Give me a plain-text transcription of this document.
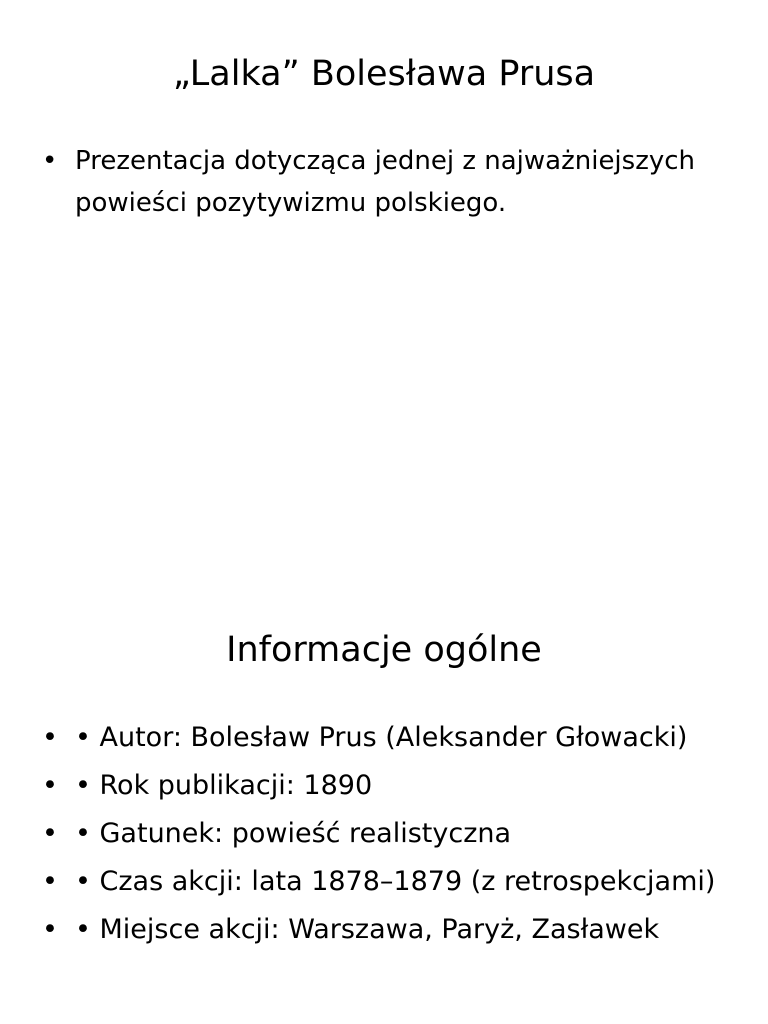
„Lalka” Bolesława Prusa
• Prezentacja dotycząca jednej z najważniejszych powieści pozytywizmu polskiego.
Informacje ogólne
• • Autor: Bolesław Prus (Aleksander Głowacki)
• • Rok publikacji: 1890
• • Gatunek: powieść realistyczna
• • Czas akcji: lata 1878–1879 (z retrospekcjami)
• • Miejsce akcji: Warszawa, Paryż, Zasławek
